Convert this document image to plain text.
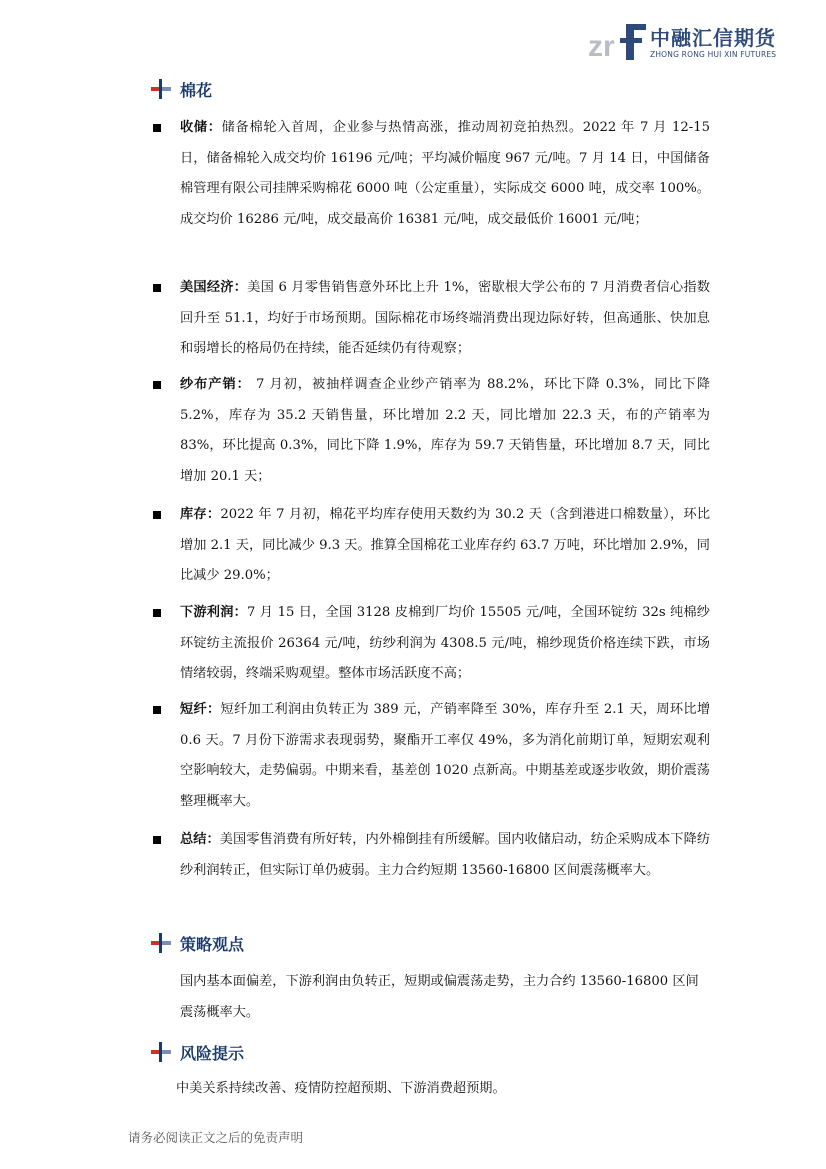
zr 中融汇信期货
ZHONG RONG HUI XIN FUTURES
棉花
收储：储备棉轮入首周，企业参与热情高涨，推动周初竞拍热烈。2022 年 7 月 12-15 日，储备棉轮入成交均价 16196 元/吨；平均减价幅度 967 元/吨。7 月 14 日，中国储备棉管理有限公司挂牌采购棉花 6000 吨（公定重量），实际成交 6000 吨，成交率 100%。成交均价 16286 元/吨，成交最高价 16381 元/吨，成交最低价 16001 元/吨；
美国经济：美国 6 月零售销售意外环比上升 1%，密歇根大学公布的 7 月消费者信心指数回升至 51.1，均好于市场预期。国际棉花市场终端消费出现边际好转，但高通胀、快加息和弱增长的格局仍在持续，能否延续仍有待观察；
纱布产销： 7 月初，被抽样调查企业纱产销率为 88.2%，环比下降 0.3%，同比下降 5.2%，库存为 35.2 天销售量，环比增加 2.2 天，同比增加 22.3 天，布的产销率为 83%，环比提高 0.3%，同比下降 1.9%，库存为 59.7 天销售量，环比增加 8.7 天，同比增加 20.1 天；
库存：2022 年 7 月初，棉花平均库存使用天数约为 30.2 天（含到港进口棉数量），环比增加 2.1 天，同比减少 9.3 天。推算全国棉花工业库存约 63.7 万吨，环比增加 2.9%，同比减少 29.0%；
下游利润：7 月 15 日，全国 3128 皮棉到厂均价 15505 元/吨，全国环锭纺 32s 纯棉纱环锭纺主流报价 26364 元/吨，纺纱利润为 4308.5 元/吨，棉纱现货价格连续下跌，市场情绪较弱，终端采购观望。整体市场活跃度不高；
短纤：短纤加工利润由负转正为 389 元，产销率降至 30%，库存升至 2.1 天，周环比增 0.6 天。7 月份下游需求表现弱势，聚酯开工率仅 49%，多为消化前期订单，短期宏观利空影响较大，走势偏弱。中期来看，基差创 1020 点新高。中期基差或逐步收敛，期价震荡整理概率大。
总结：美国零售消费有所好转，内外棉倒挂有所缓解。国内收储启动，纺企采购成本下降纺纱利润转正，但实际订单仍疲弱。主力合约短期 13560-16800 区间震荡概率大。
策略观点
国内基本面偏差，下游利润由负转正，短期或偏震荡走势，主力合约 13560-16800 区间震荡概率大。
风险提示
中美关系持续改善、疫情防控超预期、下游消费超预期。
请务必阅读正文之后的免责声明
